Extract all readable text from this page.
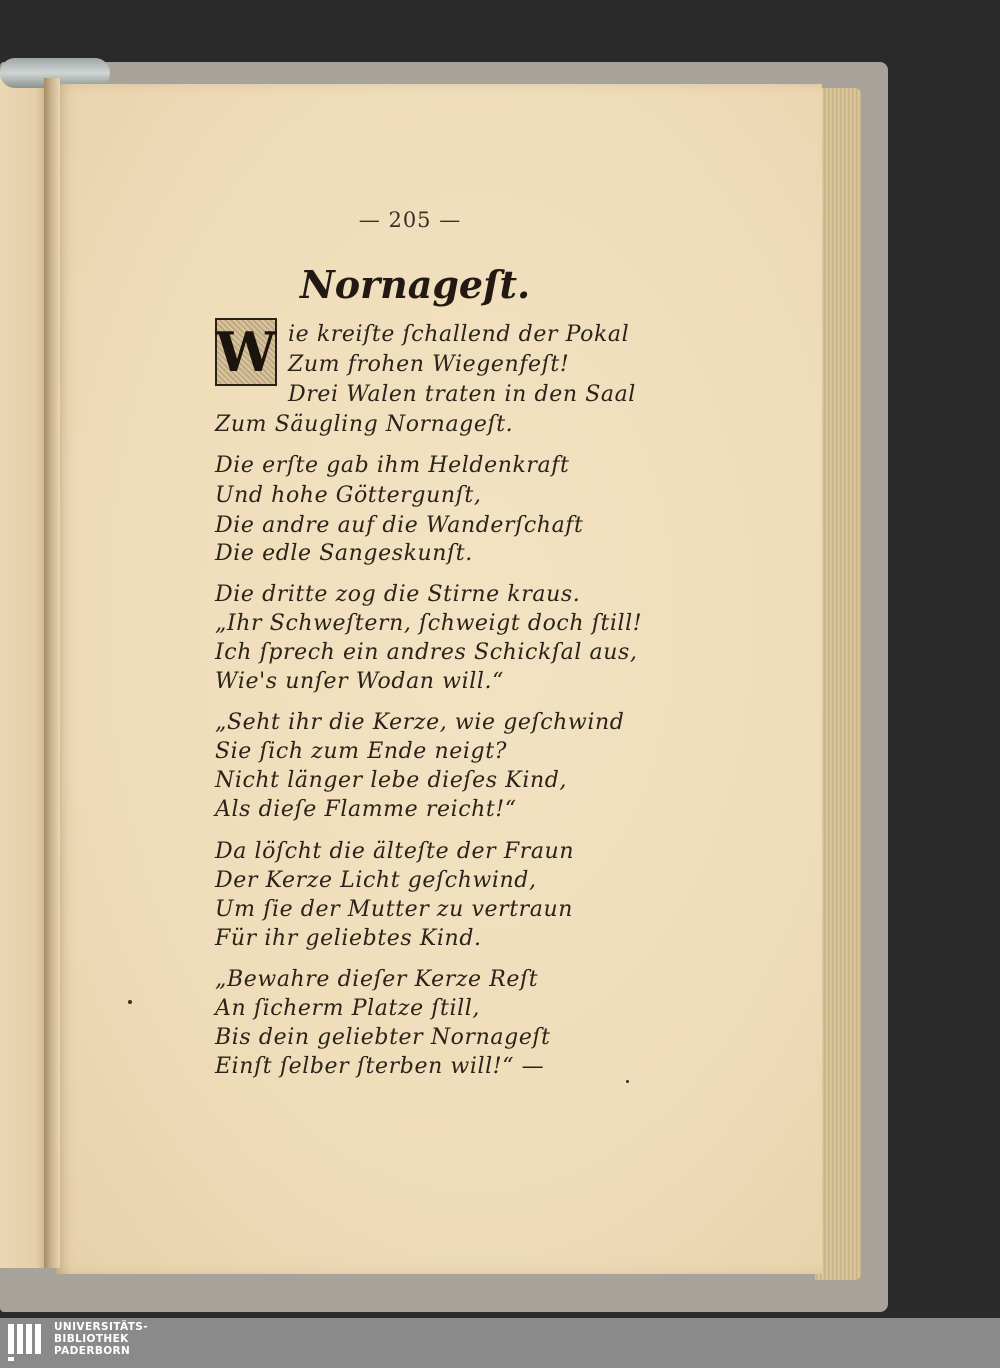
— 205 —
Nornageſt.
W ie kreiſte ſchallend der Pokal
Zum frohen Wiegenfeſt!
Drei Walen traten in den Saal
Zum Säugling Nornageſt.
Die erſte gab ihm Heldenkraft
Und hohe Göttergunſt,
Die andre auf die Wanderſchaft
Die edle Sangeskunſt.
Die dritte zog die Stirne kraus.
„Ihr Schweſtern, ſchweigt doch ſtill!
Ich ſprech ein andres Schickſal aus,
Wie's unſer Wodan will.“
„Seht ihr die Kerze, wie geſchwind
Sie ſich zum Ende neigt?
Nicht länger lebe dieſes Kind,
Als dieſe Flamme reicht!“
Da löſcht die älteſte der Fraun
Der Kerze Licht geſchwind,
Um ſie der Mutter zu vertraun
Für ihr geliebtes Kind.
„Bewahre dieſer Kerze Reſt
An ſicherm Platze ſtill,
Bis dein geliebter Nornageſt
Einſt ſelber ſterben will!“ —
UNIVERSITÄTS-
BIBLIOTHEK
PADERBORN
